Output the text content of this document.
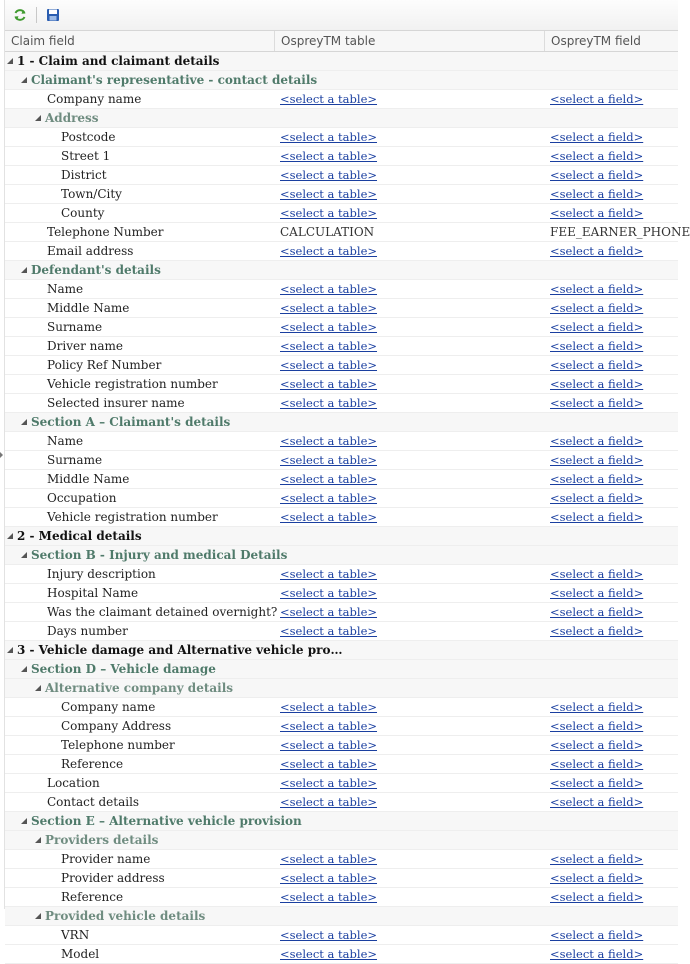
Claim field	OspreyTM table	OspreyTM field
1 - Claim and claimant details
Claimant's representative - contact details
Company name	<select a table>	<select a field>
Address
Postcode	<select a table>	<select a field>
Street 1	<select a table>	<select a field>
District	<select a table>	<select a field>
Town/City	<select a table>	<select a field>
County	<select a table>	<select a field>
Telephone Number	CALCULATION	FEE_EARNER_PHONE
Email address	<select a table>	<select a field>
Defendant's details
Name	<select a table>	<select a field>
Middle Name	<select a table>	<select a field>
Surname	<select a table>	<select a field>
Driver name	<select a table>	<select a field>
Policy Ref Number	<select a table>	<select a field>
Vehicle registration number	<select a table>	<select a field>
Selected insurer name	<select a table>	<select a field>
Section A – Claimant's details
Name	<select a table>	<select a field>
Surname	<select a table>	<select a field>
Middle Name	<select a table>	<select a field>
Occupation	<select a table>	<select a field>
Vehicle registration number	<select a table>	<select a field>
2 - Medical details
Section B - Injury and medical Details
Injury description	<select a table>	<select a field>
Hospital Name	<select a table>	<select a field>
Was the claimant detained overnight? <select a table>	<select a field>
Days number	<select a table>	<select a field>
3 - Vehicle damage and Alternative vehicle pro…
Section D – Vehicle damage
Alternative company details
Company name	<select a table>	<select a field>
Company Address	<select a table>	<select a field>
Telephone number	<select a table>	<select a field>
Reference	<select a table>	<select a field>
Location	<select a table>	<select a field>
Contact details	<select a table>	<select a field>
Section E – Alternative vehicle provision
Providers details
Provider name	<select a table>	<select a field>
Provider address	<select a table>	<select a field>
Reference	<select a table>	<select a field>
Provided vehicle details
VRN	<select a table>	<select a field>
Model	<select a table>	<select a field>
